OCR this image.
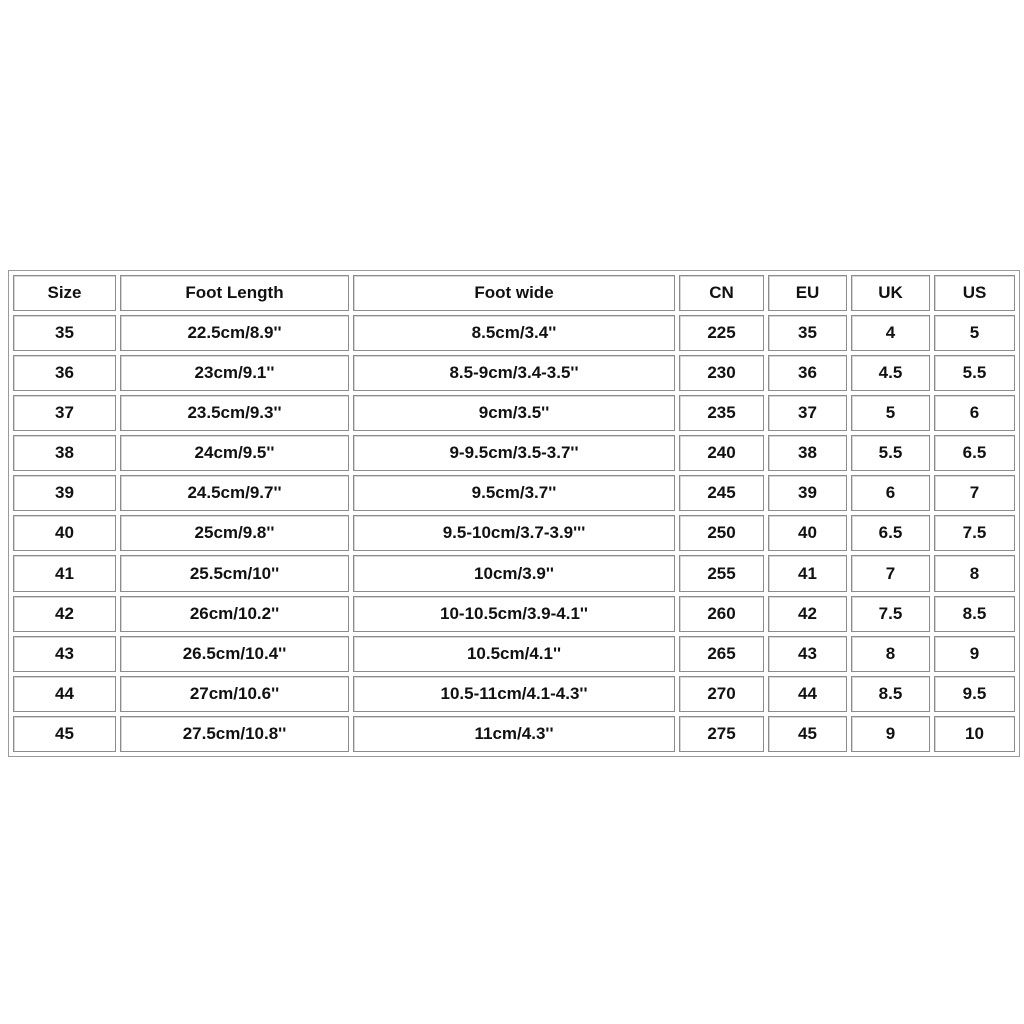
Size	Foot Length	Foot wide	CN	EU	UK	US
35	22.5cm/8.9''	8.5cm/3.4''	225	35	4	5
36	23cm/9.1''	8.5-9cm/3.4-3.5''	230	36	4.5	5.5
37	23.5cm/9.3''	9cm/3.5''	235	37	5	6
38	24cm/9.5''	9-9.5cm/3.5-3.7''	240	38	5.5	6.5
39	24.5cm/9.7''	9.5cm/3.7''	245	39	6	7
40	25cm/9.8''	9.5-10cm/3.7-3.9'''	250	40	6.5	7.5
41	25.5cm/10''	10cm/3.9''	255	41	7	8
42	26cm/10.2''	10-10.5cm/3.9-4.1''	260	42	7.5	8.5
43	26.5cm/10.4''	10.5cm/4.1''	265	43	8	9
44	27cm/10.6''	10.5-11cm/4.1-4.3''	270	44	8.5	9.5
45	27.5cm/10.8''	11cm/4.3''	275	45	9	10
